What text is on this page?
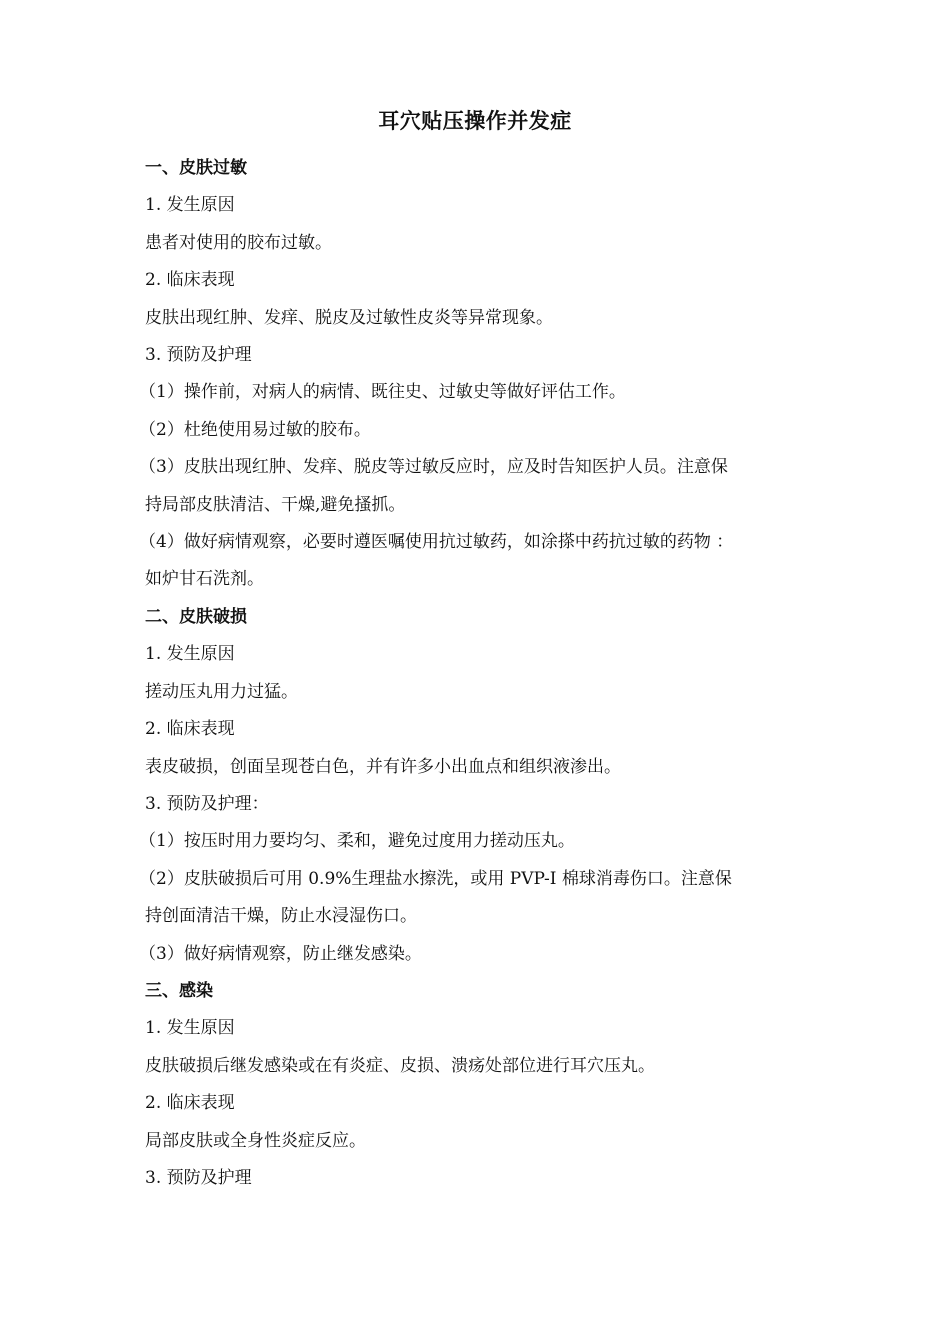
耳穴贴压操作并发症
一、皮肤过敏
1. 发生原因
患者对使用的胶布过敏。
2. 临床表现
皮肤出现红肿、发痒、脱皮及过敏性皮炎等异常现象。
3. 预防及护理
（1）操作前，对病人的病情、既往史、过敏史等做好评估工作。
（2）杜绝使用易过敏的胶布。
（3）皮肤出现红肿、发痒、脱皮等过敏反应时，应及时告知医护人员。注意保
持局部皮肤清洁、干燥,避免搔抓。
（4）做好病情观察，必要时遵医嘱使用抗过敏药，如涂搽中药抗过敏的药物 ：
如炉甘石洗剂。
二、皮肤破损
1. 发生原因
搓动压丸用力过猛。
2. 临床表现
表皮破损，创面呈现苍白色，并有许多小出血点和组织液渗出。
3. 预防及护理：
（1）按压时用力要均匀、柔和，避免过度用力搓动压丸。
（2）皮肤破损后可用 0.9%生理盐水擦洗，或用 PVP-I 棉球消毒伤口。注意保
持创面清洁干燥，防止水浸湿伤口。
（3）做好病情观察，防止继发感染。
三、感染
1. 发生原因
皮肤破损后继发感染或在有炎症、皮损、溃疡处部位进行耳穴压丸。
2. 临床表现
局部皮肤或全身性炎症反应。
3. 预防及护理
